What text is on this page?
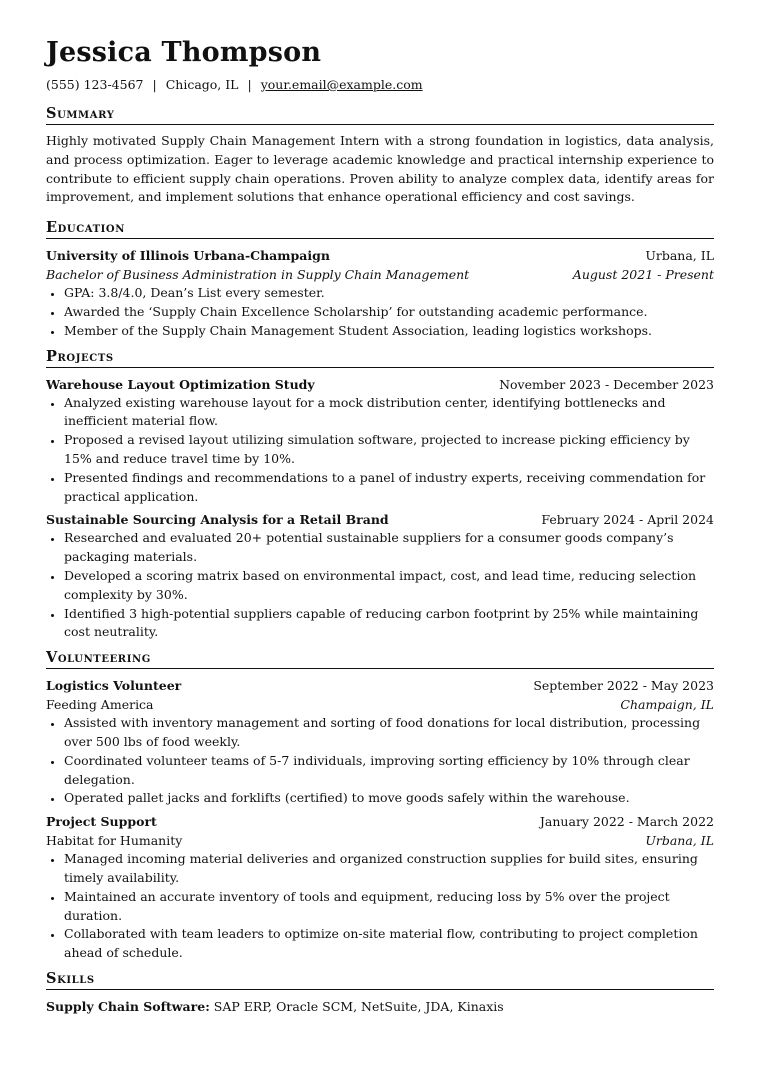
Jessica Thompson
(555) 123-4567 | Chicago, IL | your.email@example.com
Summary
Highly motivated Supply Chain Management Intern with a strong foundation in logistics, data analysis, and process optimization. Eager to leverage academic knowledge and practical internship experience to contribute to efficient supply chain operations. Proven ability to analyze complex data, identify areas for improvement, and implement solutions that enhance operational efficiency and cost savings.
Education
University of Illinois Urbana-Champaign	Urbana, IL
Bachelor of Business Administration in Supply Chain Management	August 2021 - Present
• GPA: 3.8/4.0, Dean’s List every semester.
• Awarded the ‘Supply Chain Excellence Scholarship’ for outstanding academic performance.
• Member of the Supply Chain Management Student Association, leading logistics workshops.
Projects
Warehouse Layout Optimization Study	November 2023 - December 2023
• Analyzed existing warehouse layout for a mock distribution center, identifying bottlenecks and inefficient material flow.
• Proposed a revised layout utilizing simulation software, projected to increase picking efficiency by 15% and reduce travel time by 10%.
• Presented findings and recommendations to a panel of industry experts, receiving commendation for practical application.
Sustainable Sourcing Analysis for a Retail Brand	February 2024 - April 2024
• Researched and evaluated 20+ potential sustainable suppliers for a consumer goods company’s packaging materials.
• Developed a scoring matrix based on environmental impact, cost, and lead time, reducing selection complexity by 30%.
• Identified 3 high-potential suppliers capable of reducing carbon footprint by 25% while maintaining cost neutrality.
Volunteering
Logistics Volunteer	September 2022 - May 2023
Feeding America	Champaign, IL
• Assisted with inventory management and sorting of food donations for local distribution, processing over 500 lbs of food weekly.
• Coordinated volunteer teams of 5-7 individuals, improving sorting efficiency by 10% through clear delegation.
• Operated pallet jacks and forklifts (certified) to move goods safely within the warehouse.
Project Support	January 2022 - March 2022
Habitat for Humanity	Urbana, IL
• Managed incoming material deliveries and organized construction supplies for build sites, ensuring timely availability.
• Maintained an accurate inventory of tools and equipment, reducing loss by 5% over the project duration.
• Collaborated with team leaders to optimize on-site material flow, contributing to project completion ahead of schedule.
Skills
Supply Chain Software: SAP ERP, Oracle SCM, NetSuite, JDA, Kinaxis
